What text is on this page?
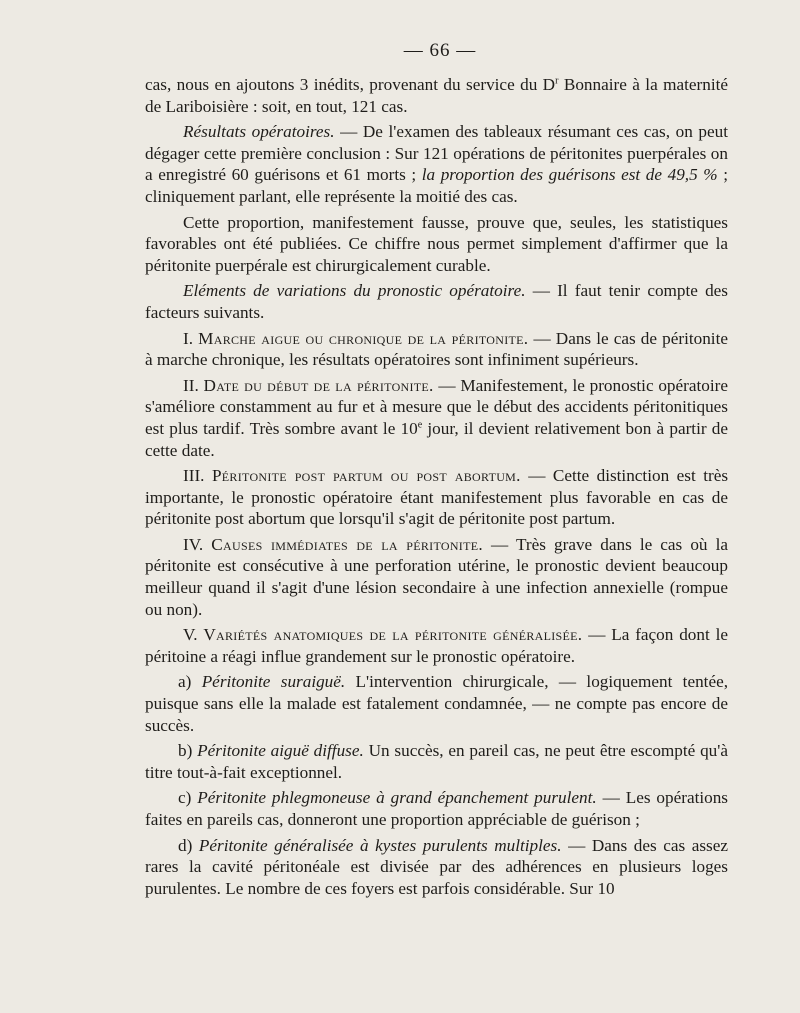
— 66 —

cas, nous en ajoutons 3 inédits, provenant du service du $D^r$ Bonnaire à la maternité de Lariboisière : soit, en tout, 121 cas.

Résultats opératoires. — De l'examen des tableaux résumant ces cas, on peut dégager cette première conclusion : Sur 121 opérations de péritonites puerpérales on a enregistré 60 guérisons et 61 morts ; la proportion des guérisons est de 49,5 % ; cliniquement parlant, elle représente la moitié des cas.

Cette proportion, manifestement fausse, prouve que, seules, les statistiques favorables ont été publiées. Ce chiffre nous permet simplement d'affirmer que la péritonite puerpérale est chirurgicalement curable.

Eléments de variations du pronostic opératoire. — Il faut tenir compte des facteurs suivants.

I. Marche aigue ou chronique de la péritonite. — Dans le cas de péritonite à marche chronique, les résultats opératoires sont infiniment supérieurs.

II. Date du début de la péritonite. — Manifestement, le pronostic opératoire s'améliore constamment au fur et à mesure que le début des accidents péritonitiques est plus tardif. Très sombre avant le 10e jour, il devient relativement bon à partir de cette date.

III. Péritonite post partum ou post abortum. — Cette distinction est très importante, le pronostic opératoire étant manifestement plus favorable en cas de péritonite post abortum que lorsqu'il s'agit de péritonite post partum.

IV. Causes immédiates de la péritonite. — Très grave dans le cas où la péritonite est consécutive à une perforation utérine, le pronostic devient beaucoup meilleur quand il s'agit d'une lésion secondaire à une infection annexielle (rompue ou non).

V. Variétés anatomiques de la péritonite généralisée. — La façon dont le péritoine a réagi influe grandement sur le pronostic opératoire.

a) Péritonite suraiguë. L'intervention chirurgicale, — logiquement tentée, puisque sans elle la malade est fatalement condamnée, — ne compte pas encore de succès.

b) Péritonite aiguë diffuse. Un succès, en pareil cas, ne peut être escompté qu'à titre tout-à-fait exceptionnel.

c) Péritonite phlegmoneuse à grand épanchement purulent. — Les opérations faites en pareils cas, donneront une proportion appréciable de guérison ;

d) Péritonite généralisée à kystes purulents multiples. — Dans des cas assez rares la cavité péritonéale est divisée par des adhérences en plusieurs loges purulentes. Le nombre de ces foyers est parfois considérable. Sur 10
